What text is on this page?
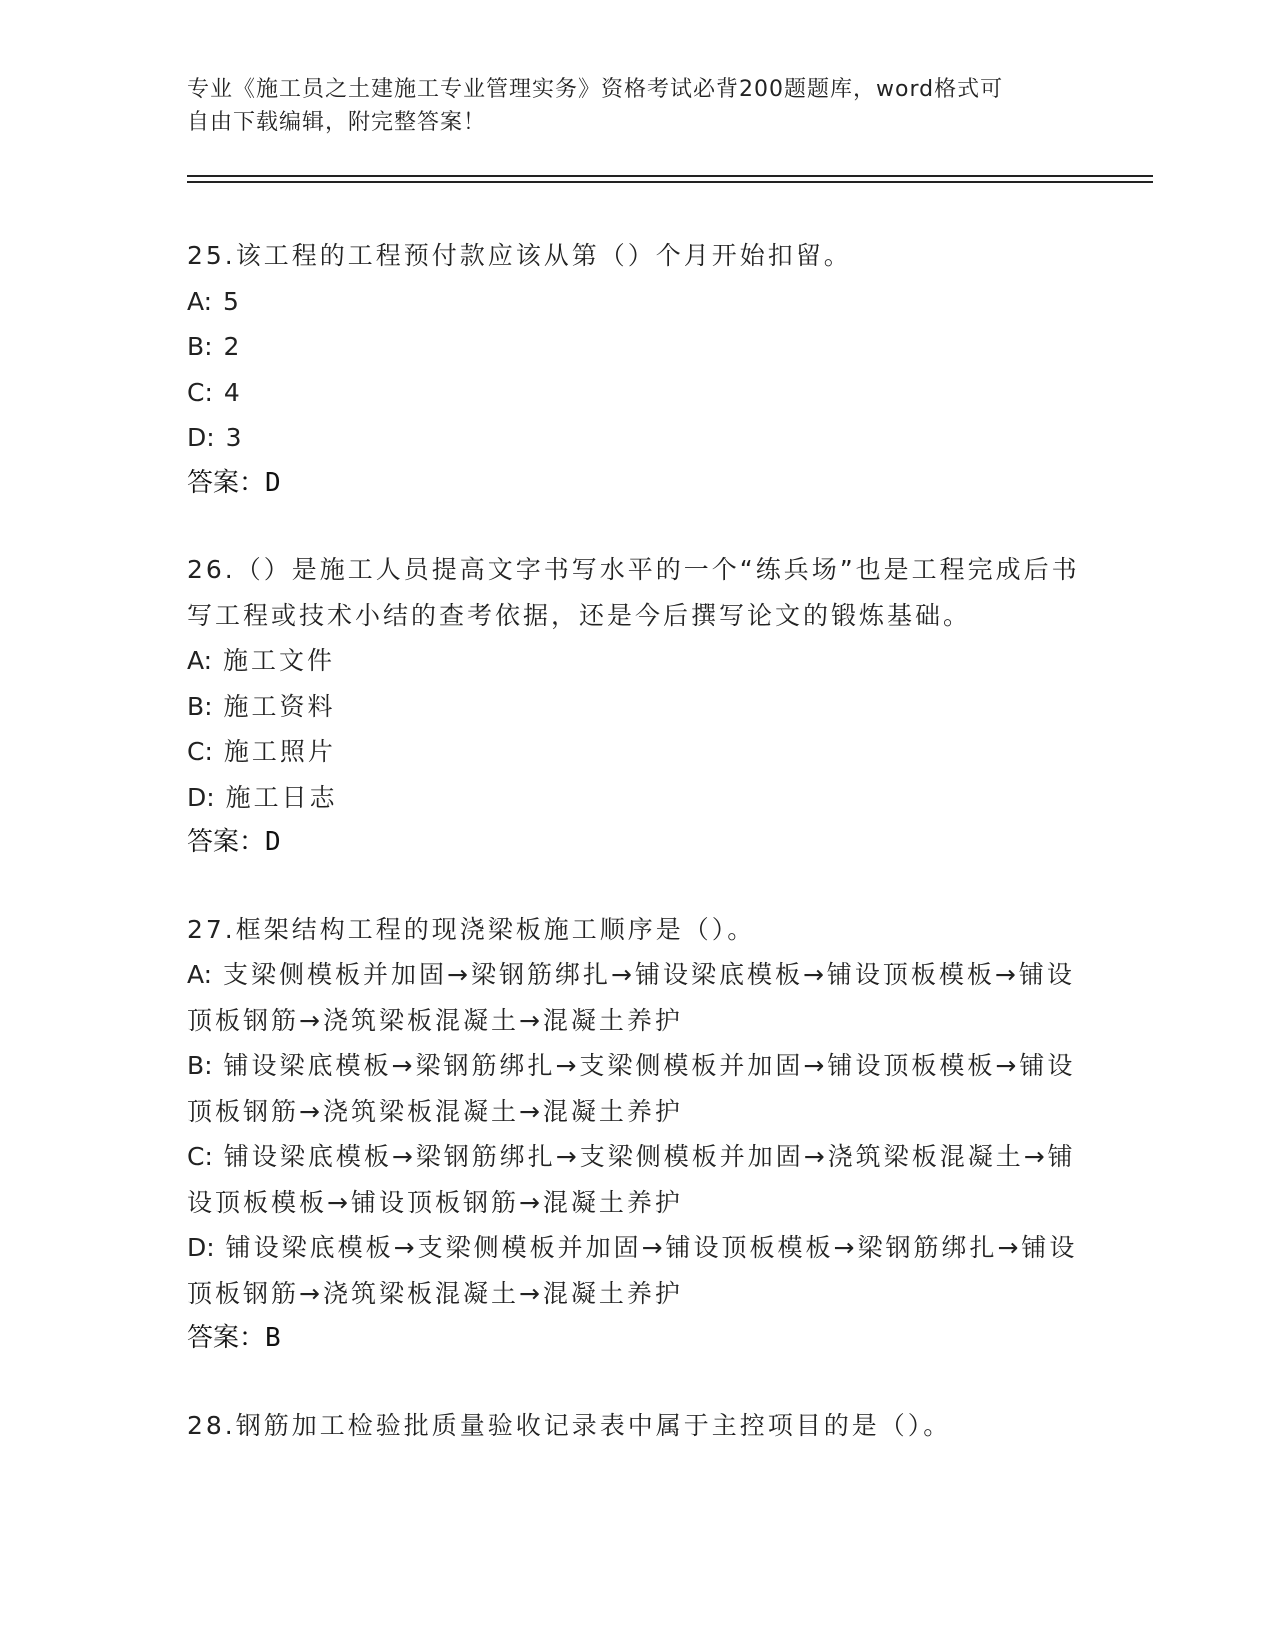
专业《施工员之土建施工专业管理实务》资格考试必背200题题库，word格式可
自由下载编辑，附完整答案！
25.该工程的工程预付款应该从第（）个月开始扣留。
A: 5
B: 2
C: 4
D: 3
答案：D
26.（）是施工人员提高文字书写水平的一个“练兵场”也是工程完成后书写工程或技术小结的查考依据，还是今后撰写论文的锻炼基础。
A: 施工文件
B: 施工资料
C: 施工照片
D: 施工日志
答案：D
27.框架结构工程的现浇梁板施工顺序是（）。
A: 支梁侧模板并加固→梁钢筋绑扎→铺设梁底模板→铺设顶板模板→铺设顶板钢筋→浇筑梁板混凝土→混凝土养护
B: 铺设梁底模板→梁钢筋绑扎→支梁侧模板并加固→铺设顶板模板→铺设顶板钢筋→浇筑梁板混凝土→混凝土养护
C: 铺设梁底模板→梁钢筋绑扎→支梁侧模板并加固→浇筑梁板混凝土→铺设顶板模板→铺设顶板钢筋→混凝土养护
D: 铺设梁底模板→支梁侧模板并加固→铺设顶板模板→梁钢筋绑扎→铺设顶板钢筋→浇筑梁板混凝土→混凝土养护
答案：B
28.钢筋加工检验批质量验收记录表中属于主控项目的是（）。
